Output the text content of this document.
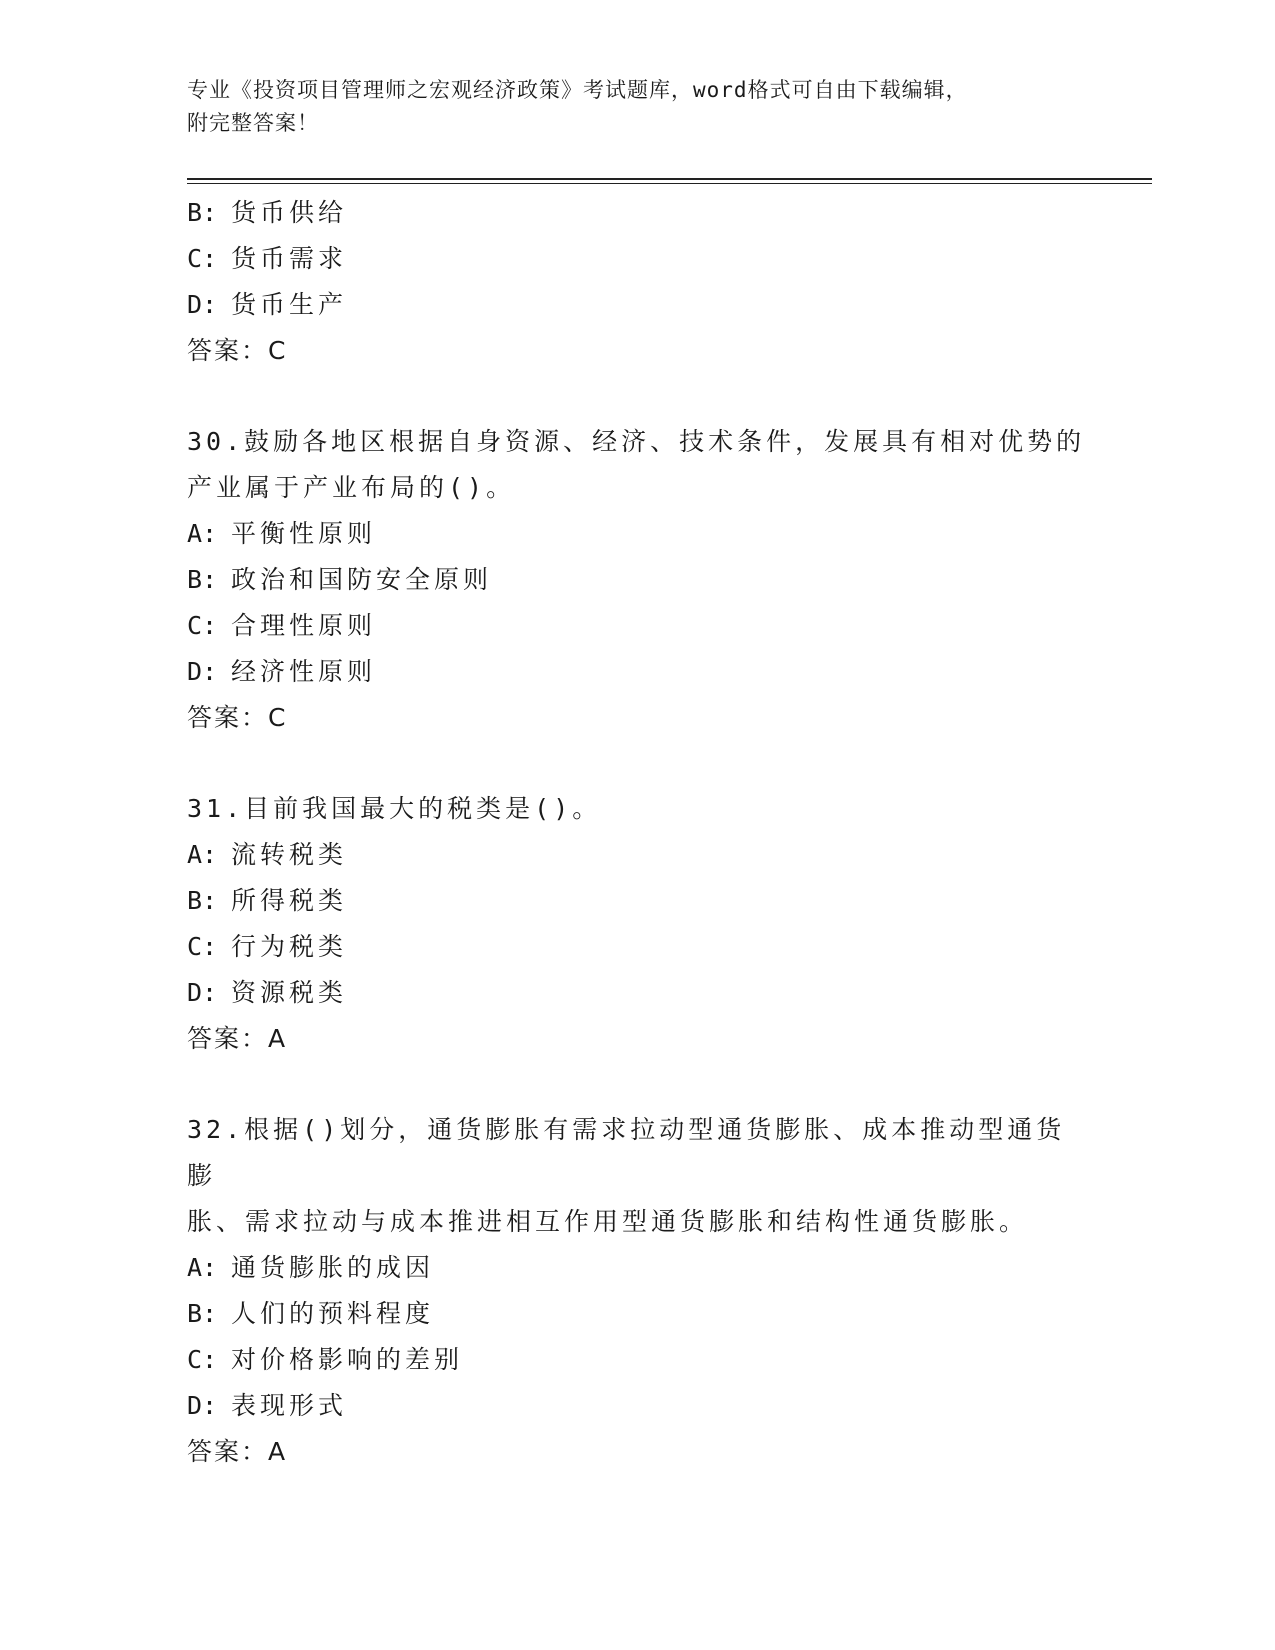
专业《投资项目管理师之宏观经济政策》考试题库，word格式可自由下载编辑，
附完整答案！
B: 货币供给
C: 货币需求
D: 货币生产
答案：C
30.鼓励各地区根据自身资源、经济、技术条件，发展具有相对优势的
产业属于产业布局的()。
A: 平衡性原则
B: 政治和国防安全原则
C: 合理性原则
D: 经济性原则
答案：C
31.目前我国最大的税类是()。
A: 流转税类
B: 所得税类
C: 行为税类
D: 资源税类
答案：A
32.根据()划分，通货膨胀有需求拉动型通货膨胀、成本推动型通货膨
胀、需求拉动与成本推进相互作用型通货膨胀和结构性通货膨胀。
A: 通货膨胀的成因
B: 人们的预料程度
C: 对价格影响的差别
D: 表现形式
答案：A
